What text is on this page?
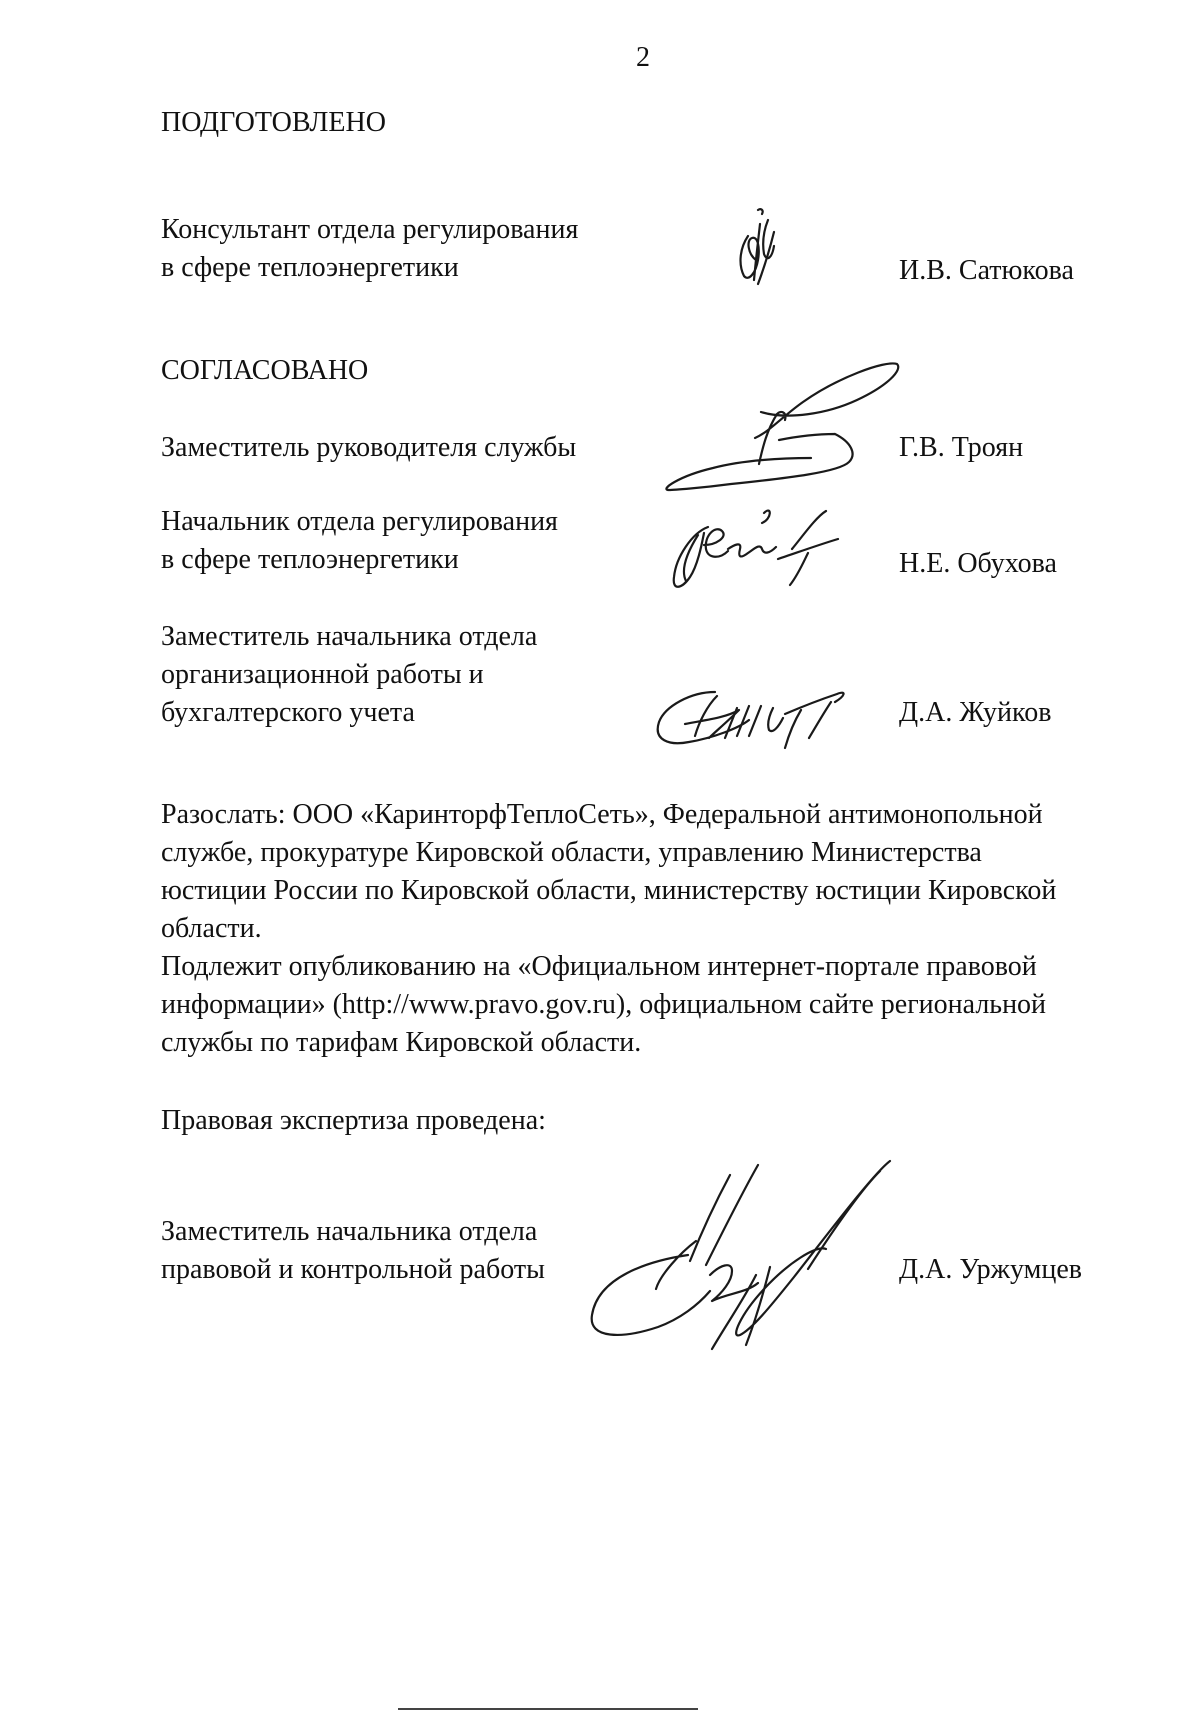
2
ПОДГОТОВЛЕНО
Консультант отдела регулирования
в сфере теплоэнергетики	И.В. Сатюкова
СОГЛАСОВАНО
Заместитель руководителя службы	Г.В. Троян
Начальник отдела регулирования
в сфере теплоэнергетики	Н.Е. Обухова
Заместитель начальника отдела
организационной работы и
бухгалтерского учета	Д.А. Жуйков
Разослать: ООО «КаринторфТеплоСеть», Федеральной антимонопольной
службе, прокуратуре Кировской области, управлению Министерства
юстиции России по Кировской области, министерству юстиции Кировской
области.
Подлежит опубликованию на «Официальном интернет-портале правовой
информации» (http://www.pravo.gov.ru), официальном сайте региональной
службы по тарифам Кировской области.
Правовая экспертиза проведена:
Заместитель начальника отдела
правовой и контрольной работы	Д.А. Уржумцев
